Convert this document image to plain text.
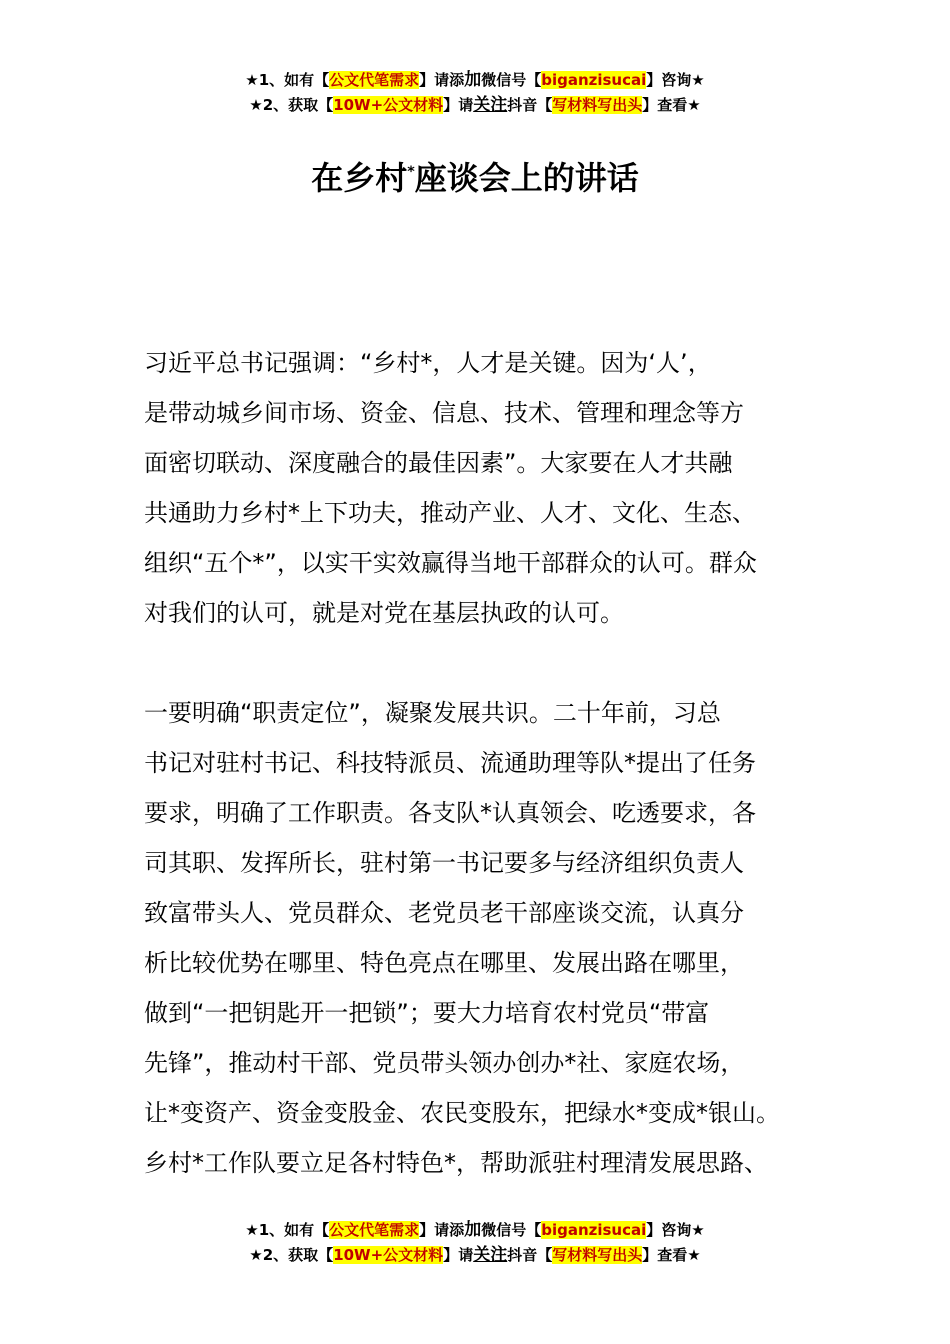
★1、如有【公文代笔需求】请添加微信号【biganzisucai】咨询★
★2、获取【10W+公文材料】请关注抖音【写材料写出头】查看★
在乡村*座谈会上的讲话
习近平总书记强调：“乡村*，人才是关键。因为‘人’，
是带动城乡间市场、资金、信息、技术、管理和理念等方
面密切联动、深度融合的最佳因素”。大家要在人才共融
共通助力乡村*上下功夫，推动产业、人才、文化、生态、
组织“五个*”，以实干实效赢得当地干部群众的认可。群众
对我们的认可，就是对党在基层执政的认可。
一要明确“职责定位”，凝聚发展共识。二十年前，习总
书记对驻村书记、科技特派员、流通助理等队*提出了任务
要求，明确了工作职责。各支队*认真领会、吃透要求，各
司其职、发挥所长，驻村第一书记要多与经济组织负责人
致富带头人、党员群众、老党员老干部座谈交流，认真分
析比较优势在哪里、特色亮点在哪里、发展出路在哪里，
做到“一把钥匙开一把锁”；要大力培育农村党员“带富
先锋”，推动村干部、党员带头领办创办*社、家庭农场，
让*变资产、资金变股金、农民变股东，把绿水*变成*银山。
乡村*工作队要立足各村特色*，帮助派驻村理清发展思路、
★1、如有【公文代笔需求】请添加微信号【biganzisucai】咨询★
★2、获取【10W+公文材料】请关注抖音【写材料写出头】查看★
